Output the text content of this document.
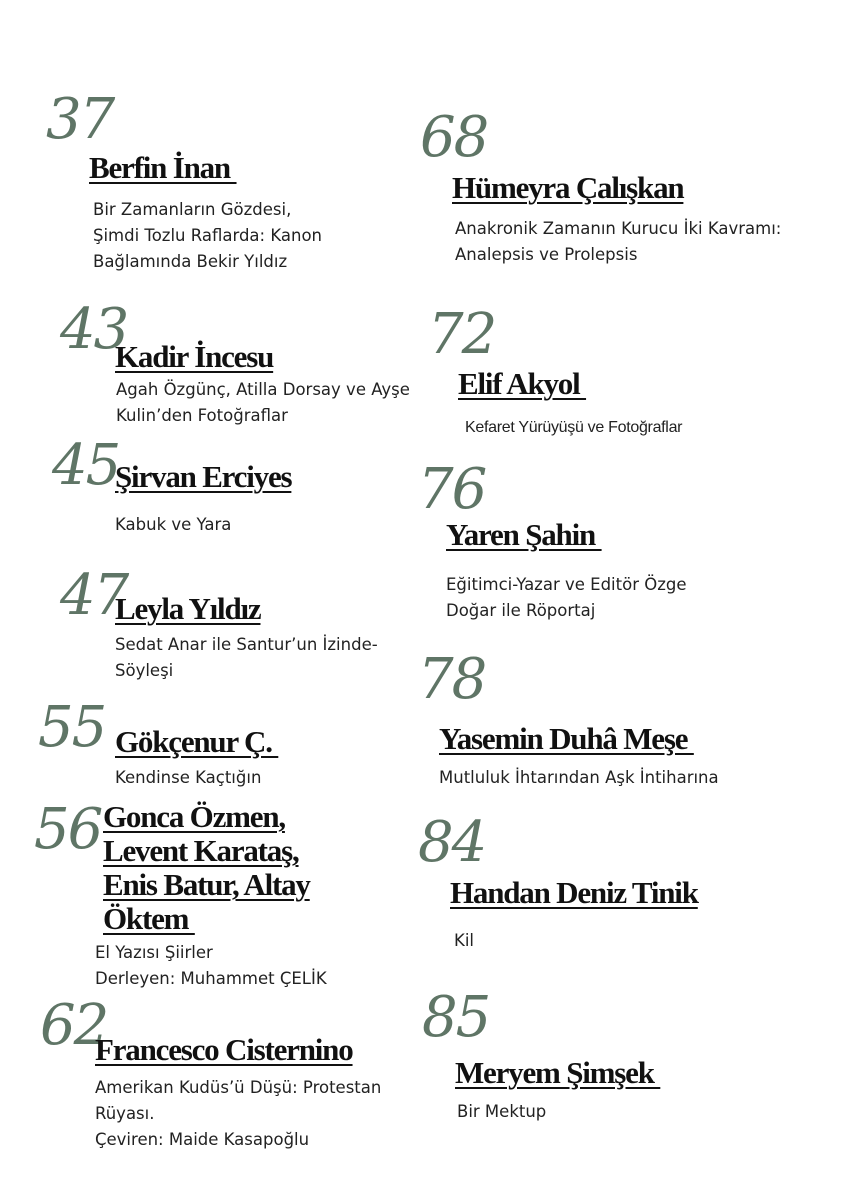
37
Berfin İnan
Bir Zamanların Gözdesi,
Şimdi Tozlu Raflarda: Kanon
Bağlamında Bekir Yıldız
43
Kadir İncesu
Agah Özgünç, Atilla Dorsay ve Ayşe
Kulin’den Fotoğraflar
45
Şirvan Erciyes
Kabuk ve Yara
47
Leyla Yıldız
Sedat Anar ile Santur’un İzinde-
Söyleşi
55 Gökçenur Ç.
Kendinse Kaçtığın
56 Gonca Özmen,
Levent Karataş,
Enis Batur, Altay
Öktem
El Yazısı Şiirler
Derleyen: Muhammet ÇELİK
62
Francesco Cisternino
Amerikan Kudüs’ü Düşü: Protestan
Rüyası.
Çeviren: Maide Kasapoğlu
68
Hümeyra Çalışkan
Anakronik Zamanın Kurucu İki Kavramı:
Analepsis ve Prolepsis
72
Elif Akyol
Kefaret Yürüyüşü ve Fotoğraflar
76
Yaren Şahin
Eğitimci-Yazar ve Editör Özge
Doğar ile Röportaj
78
Yasemin Duhâ Meşe
Mutluluk İhtarından Aşk İntiharına
84
Handan Deniz Tinik
Kil
85
Meryem Şimşek
Bir Mektup
